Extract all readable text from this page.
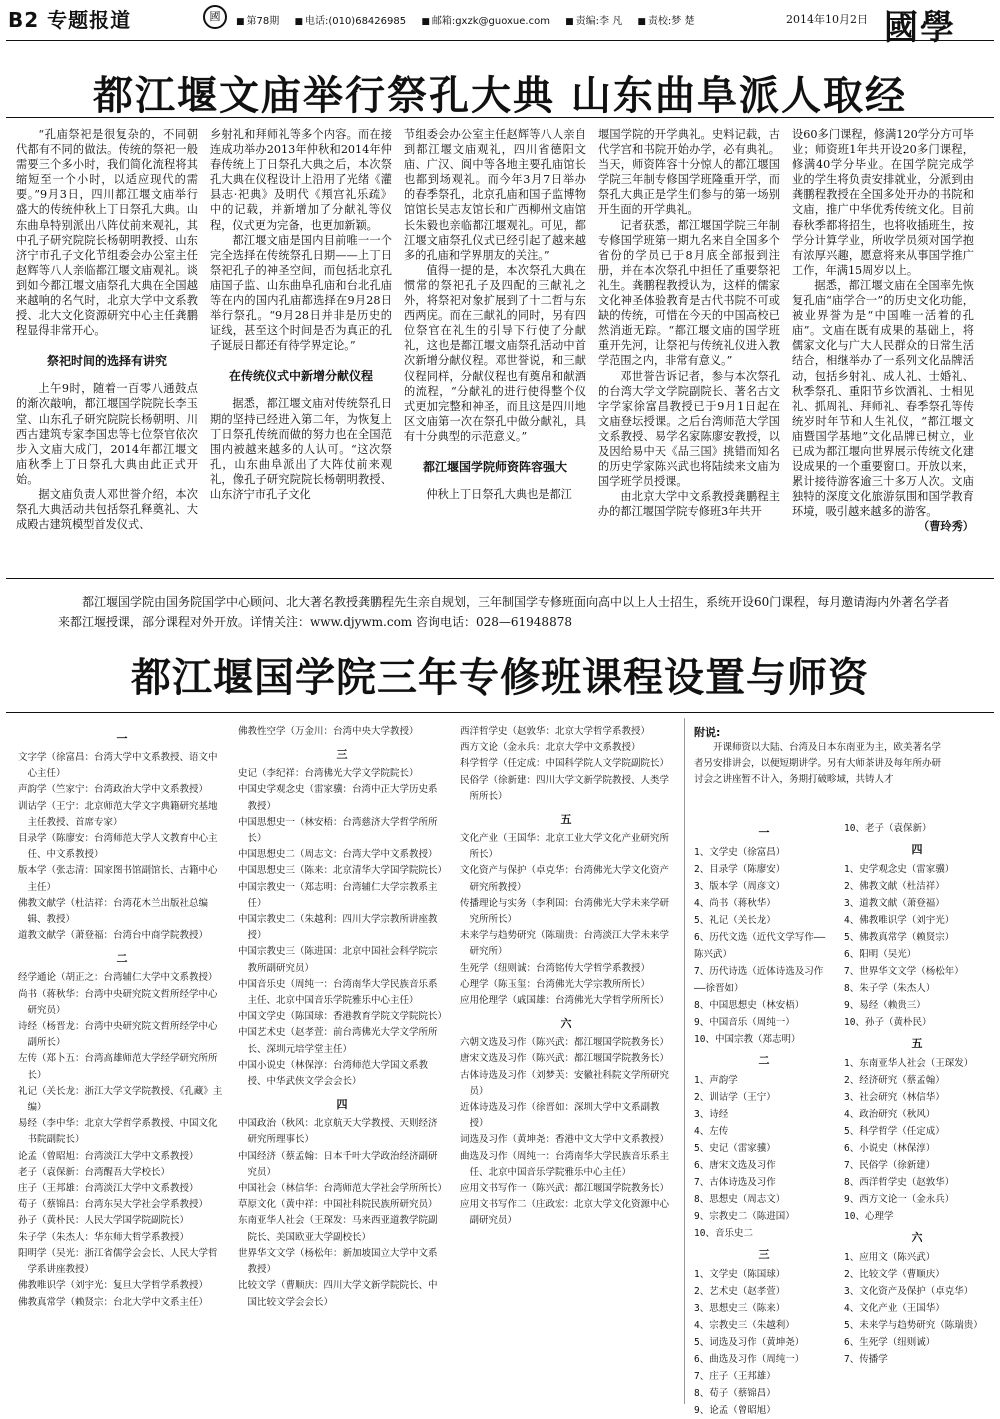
B2 专题报道	國	■ 第78期	■ 电话:(010)68426985	■ 邮箱:gxzk@guoxue.com	■ 责编:李 凡	■ 责校:梦 楚	2014年10月2日 國學
都江堰文庙举行祭孔大典 山东曲阜派人取经

“孔庙祭祀是很复杂的，不同朝代都有不同的做法。传统的祭祀一般需要三个多小时，我们简化流程将其缩短至一个小时，以适应现代的需要。”9月3日，四川都江堰文庙举行盛大的传统仲秋上丁日祭孔大典。山东曲阜特别派出八阵仗前来观礼，其中孔子研究院院长杨朝明教授、山东济宁市孔子文化节组委会办公室主任赵辉等八人亲临都江堰文庙观礼。谈到如今都江堰文庙祭孔大典在全国越来越响的名气时，北京大学中文系教授、北大文化资源研究中心主任龚鹏程显得非常开心。

祭祀时间的选择有讲究

上午9时，随着一百零八通鼓点的渐次敲响，都江堰国学院院长李玉堂、山东孔子研究院院长杨朝明、川西古建筑专家李国忠等七位祭官依次步入文庙大成门，2014年都江堰文庙秋季上丁日祭孔大典由此正式开始。

据文庙负责人邓世誉介绍，本次祭孔大典活动共包括祭孔释奠礼、大成殿古建筑模型首发仪式、

乡射礼和拜师礼等多个内容。而在接连成功举办2013年仲秋和2014年仲春传统上丁日祭孔大典之后，本次祭孔大典在仪程设计上沿用了光绪《灌县志·祀典》及明代《頖宫礼乐疏》中的记载，并新增加了分献礼等仪程，仪式更为完备，也更加新颖。

都江堰文庙是国内目前唯一一个完全选择在传统祭孔日期——上丁日祭祀孔子的神圣空间，而包括北京孔庙国子监、山东曲阜孔庙和台北孔庙等在内的国内孔庙都选择在9月28日举行祭孔。“9月28日并非是历史的证线，甚至这个时间是否为真正的孔子诞辰日都还有待学界定论。”

在传统仪式中新增分献仪程

据悉，都江堰文庙对传统祭孔日期的坚持已经进入第二年，为恢复上丁日祭孔传统而做的努力也在全国范围内被越来越多的人认可。“这次祭孔，山东曲阜派出了大阵仗前来观礼，像孔子研究院院长杨朝明教授、山东济宁市孔子文化

节组委会办公室主任赵辉等八人亲自到都江堰文庙观礼，四川省德阳文庙、广汉、阆中等各地主要孔庙馆长也都到场观礼。而今年3月7日举办的春季祭孔，北京孔庙和国子监博物馆馆长吴志友馆长和广西柳州文庙馆长朱毅也亲临都江堰观礼。可见，都江堰文庙祭孔仪式已经引起了越来越多的孔庙和学界朋友的关注。”

值得一提的是，本次祭孔大典在惯常的祭祀孔子及四配的三献礼之外，将祭祀对象扩展到了十二哲与东西两庑。而在三献礼的同时，另有四位祭官在礼生的引导下行使了分献礼，这也是都江堰文庙祭孔活动中首次新增分献仪程。邓世誉说，和三献仪程同样，分献仪程也有奠帛和献酒的流程，“分献礼的进行使得整个仪式更加完整和神圣，而且这是四川地区文庙第一次在祭孔中做分献礼，具有十分典型的示范意义。”

都江堰国学院师资阵容强大

仲秋上丁日祭孔大典也是都江

堰国学院的开学典礼。史料记载，古代学宫和书院开始办学，必有典礼。当天，师资阵容十分惊人的都江堰国学院三年制专修国学班隆重开学，而祭孔大典正是学生们参与的第一场别开生面的开学典礼。

记者获悉，都江堰国学院三年制专修国学班第一期九名来自全国多个省份的学员已于8月底全部报到注册，并在本次祭孔中担任了重要祭祀礼生。龚鹏程教授认为，这样的儒家文化神圣体验教育是古代书院不可或缺的传统，可惜在今天的中国高校已然消逝无踪。“都江堰文庙的国学班重开先河，让祭祀与传统礼仪进入教学范围之内，非常有意义。”

邓世誉告诉记者，参与本次祭孔的台湾大学文学院副院长、著名古文字学家徐富昌教授已于9月1日起在文庙登坛授课。之后台湾师范大学国文系教授、易学名家陈廖安教授，以及因给易中天《品三国》挑错而知名的历史学家陈兴武也将陆续来文庙为国学班学员授课。

由北京大学中文系教授龚鹏程主办的都江堰国学院专修班3年共开

设60多门课程，修满120学分方可毕业；师资班1年共开设20多门课程，修满40学分毕业。在国学院完成学业的学生将负责安排就业，分派到由龚鹏程教授在全国多处开办的书院和文庙，推广中华优秀传统文化。目前春秋季都将招生，也将收插班生，按学分计算学业，所收学员须对国学抱有浓厚兴趣，愿意将来从事国学推广工作，年满15周岁以上。

据悉，都江堰文庙在全国率先恢复孔庙“庙学合一”的历史文化功能，被业界誉为是“中国唯一活着的孔庙”。文庙在既有成果的基础上，将儒家文化与广大人民群众的日常生活结合，相继举办了一系列文化品牌活动，包括乡射礼、成人礼、士婚礼、秋季祭孔、重阳节乡饮酒礼、士相见礼、抓周礼、拜师礼、春季祭孔等传统岁时年节和人生礼仪，“都江堰文庙暨国学基地”文化品牌已树立，业已成为都江堰向世界展示传统文化建设成果的一个重要窗口。开放以来，累计接待游客逾三十多万人次。文庙独特的深度文化旅游氛围和国学教育环境，吸引越来越多的游客。

（曹玲秀）

都江堰国学院由国务院国学中心顾问、北大著名教授龚鹏程先生亲自规划，三年制国学专修班面向高中以上人士招生，系统开设60门课程，每月邀请海内外著名学者来都江堰授课，部分课程对外开放。详情关注：www.djywm.com 咨询电话：028—61948878
都江堰国学院三年专修班课程设置与师资
一
文字学（徐富昌：台湾大学中文系教授、语文中心主任）
声韵学（竺家宁：台湾政治大学中文系教授）
训诂学（王宁：北京师范大学文字典籍研究基地主任教授、首席专家）
目录学（陈廖安：台湾师范大学人文教育中心主任、中文系教授）
版本学（张志清：国家图书馆副馆长、古籍中心主任）
佛教文献学（杜洁祥：台湾花木兰出版社总编辑、教授）
道教文献学（萧登福：台湾台中商学院教授）
二
经学通论（胡正之：台湾辅仁大学中文系教授）
尚书（蒋秋华：台湾中央研究院文哲所经学中心研究员）
诗经（杨晋龙：台湾中央研究院文哲所经学中心副所长）
左传（郑卜五：台湾高雄师范大学经学研究所所长）
礼记（关长龙：浙江大学文学院教授、《孔藏》主编）
易经（李中华：北京大学哲学系教授、中国文化书院副院长）
论孟（曾昭旭：台湾淡江大学中文系教授）
老子（袁保新：台湾醒吾大学校长）
庄子（王邦雄：台湾淡江大学中文系教授）
荀子（蔡锦昌：台湾东吴大学社会学系教授）
孙子（黄朴民：人民大学国学院副院长）
朱子学（朱杰人：华东师大哲学系教授）
阳明学（吴光：浙江省儒学会会长、人民大学哲学系讲座教授）
佛教唯识学（刘宇光：复旦大学哲学系教授）
佛教真常学（赖贤宗：台北大学中文系主任）
佛教性空学（万金川：台湾中央大学教授）
三
史记（李纪祥：台湾佛光大学文学院院长）
中国史学观念史（雷家骥：台湾中正大学历史系教授）
中国思想史一（林安梧：台湾慈济大学哲学所所长）
中国思想史二（周志文：台湾大学中文系教授）
中国思想史三（陈来：北京清华大学国学院院长）
中国宗教史一（郑志明：台湾辅仁大学宗教系主任）
中国宗教史二（朱越利：四川大学宗教所讲座教授）
中国宗教史三（陈进国：北京中国社会科学院宗教所副研究员）
中国音乐史（周纯一：台湾南华大学民族音乐系主任、北京中国音乐学院雅乐中心主任）
中国文学史（陈国球：香港教育学院文学院院长）
中国艺术史（赵孝萱：前台湾佛光大学文学所所长、深圳元培学堂主任）
中国小说史（林保淳：台湾师范大学国文系教授、中华武侠文学会会长）
四
中国政治（秋风：北京航天大学教授、天则经济研究所理事长）
中国经济（蔡孟翰：日本千叶大学政治经济副研究员）
中国社会（林信华：台湾师范大学社会学所所长）
草原文化（黄中祥：中国社科院民族所研究员）
东南亚华人社会（王琛发：马来西亚道教学院副院长、美国欧亚大学副校长）
世界华文文学（杨松年：新加坡国立大学中文系教授）
比较文学（曹顺庆：四川大学文新学院院长、中国比较文学会会长）
西洋哲学史（赵敦华：北京大学哲学系教授）
西方文论（金永兵：北京大学中文系教授）
科学哲学（任定成：中国科学院人文学院副院长）
民俗学（徐新建：四川大学文新学院教授、人类学所所长）
五
文化产业（王国华：北京工业大学文化产业研究所所长）
文化资产与保护（卓克华：台湾佛光大学文化资产研究所教授）
传播理论与实务（李利国：台湾佛光大学未来学研究所所长）
未来学与趋势研究（陈瑞贵：台湾淡江大学未来学研究所）
生死学（纽则诚：台湾铭传大学哲学系教授）
心理学（陈玉玺：台湾佛光大学宗教所所长）
应用伦理学（戚国雄：台湾佛光大学哲学所所长）
六
六朝文选及习作（陈兴武：都江堰国学院教务长）
唐宋文选及习作（陈兴武：都江堰国学院教务长）
古体诗选及习作（刘梦芙：安徽社科院文学所研究员）
近体诗选及习作（徐晋如：深圳大学中文系副教授）
词选及习作（黄坤尧：香港中文大学中文系教授）
曲选及习作（周纯一：台湾南华大学民族音乐系主任、北京中国音乐学院雅乐中心主任）
应用文书写作一（陈兴武：都江堰国学院教务长）
应用文书写作二（庄政宏：北京大学文化资源中心副研究员）
附说:
开课师资以大陆、台湾及日本东南亚为主，欧美著名学者另安排讲会，以便短期讲学。另有大师茶讲及每年所办研讨会之讲座暂不计入，务期打破畛域，共铸人才
一
1、文学史（徐富昌）
2、目录学（陈廖安）
3、版本学（周彦文）
4、尚书（蒋秋华）
5、礼记（关长龙）
6、历代文选（近代文学写作——陈兴武）
7、历代诗选（近体诗选及习作——徐晋如）
8、中国思想史（林安梧）
9、中国音乐（周纯一）
10、中国宗教（郑志明）
二
1、声韵学
2、训诂学（王宁）
3、诗经
4、左传
5、史记（雷家骥）
6、唐宋文选及习作
7、古体诗选及习作
8、思想史（周志文）
9、宗教史二（陈进国）
10、音乐史二
三
1、文学史（陈国球）
2、艺术史（赵孝萱）
3、思想史三（陈来）
4、宗教史三（朱越利）
5、词选及习作（黄坤尧）
6、曲选及习作（周纯一）
7、庄子（王邦雄）
8、荀子（蔡锦昌）
9、论孟（曾昭旭）
10、老子（袁保新）
四
1、史学观念史（雷家骥）
2、佛教文献（杜洁祥）
3、道教文献（萧登福）
4、佛教唯识学（刘宇光）
5、佛教真常学（赖贤宗）
6、阳明（吴光）
7、世界华文文学（杨松年）
8、朱子学（朱杰人）
9、易经（赖贵三）
10、孙子（黄朴民）
五
1、东南亚华人社会（王琛发）
2、经济研究（蔡孟翰）
3、社会研究（林信华）
4、政治研究（秋风）
5、科学哲学（任定成）
6、小说史（林保淳）
7、民俗学（徐新建）
8、西洋哲学史（赵敦华）
9、西方文论一（金永兵）
10、心理学
六
1、应用文（陈兴武）
2、比较文学（曹顺庆）
3、文化资产及保护（卓克华）
4、文化产业（王国华）
5、未来学与趋势研究（陈瑞贵）
6、生死学（纽则诚）
7、传播学
